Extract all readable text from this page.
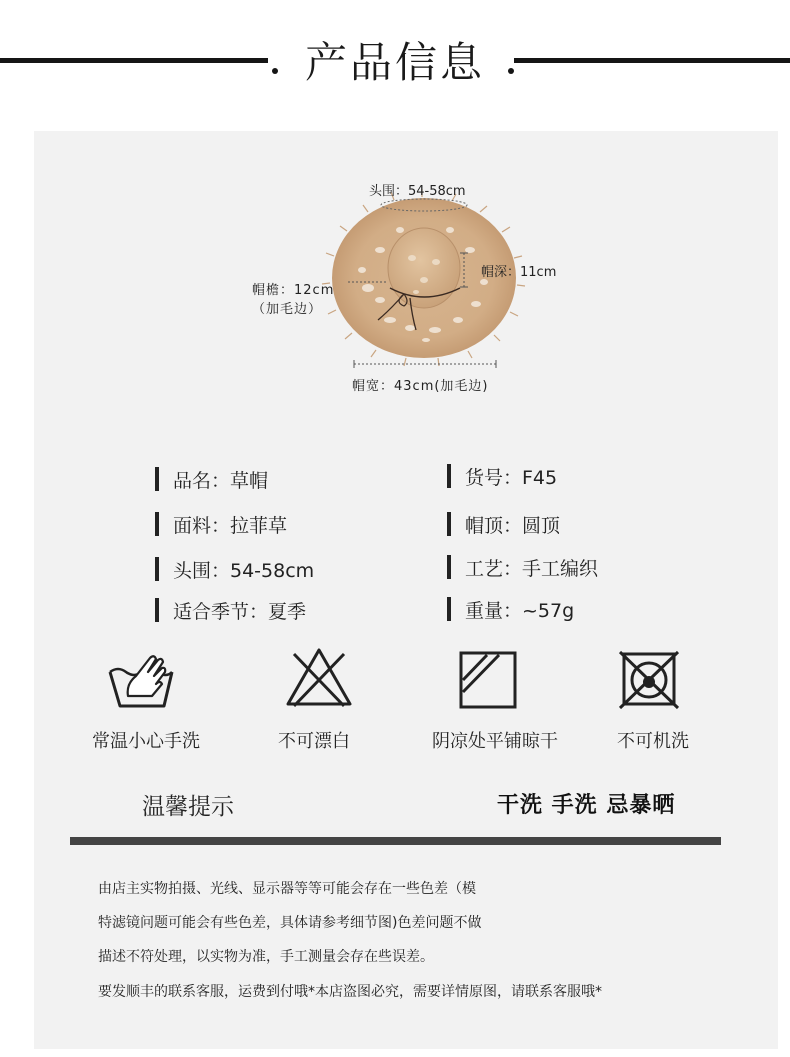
产品信息
头围：54-58cm
帽檐：12cm
（加毛边）
帽深：11cm
帽宽：43cm(加毛边)
品名：草帽	货号：F45
面料：拉菲草	帽顶：圆顶
头围：54-58cm	工艺：手工编织
适合季节：夏季	重量：~57g
常温小心手洗	不可漂白	阴凉处平铺晾干	不可机洗
温馨提示	干洗 手洗 忌暴晒
由店主实物拍摄、光线、显示器等等可能会存在一些色差（模
特滤镜问题可能会有些色差，具体请参考细节图)色差问题不做
描述不符处理，以实物为准，手工测量会存在些误差。
要发顺丰的联系客服，运费到付哦*本店盗图必究，需要详情原图，请联系客服哦*
